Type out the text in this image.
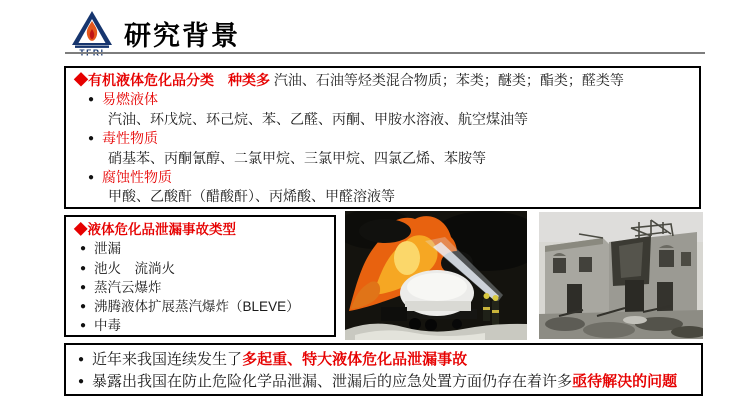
研究背景
◆有机液体危化品分类　种类多 汽油、石油等烃类混合物质；苯类；醚类；酯类；醛类等
● 易燃液体
汽油、环戊烷、环己烷、苯、乙醛、丙酮、甲胺水溶液、航空煤油等
● 毒性物质
硝基苯、丙酮氰醇、二氯甲烷、三氯甲烷、四氯乙烯、苯胺等
● 腐蚀性物质
甲酸、乙酸酐（醋酸酐）、丙烯酸、甲醛溶液等
◆液体危化品泄漏事故类型
● 泄漏
● 池火　流淌火
● 蒸汽云爆炸
● 沸腾液体扩展蒸汽爆炸（BLEVE）
● 中毒
● 近年来我国连续发生了多起重、特大液体危化品泄漏事故
● 暴露出我国在防止危险化学品泄漏、泄漏后的应急处置方面仍存在着许多亟待解决的问题
